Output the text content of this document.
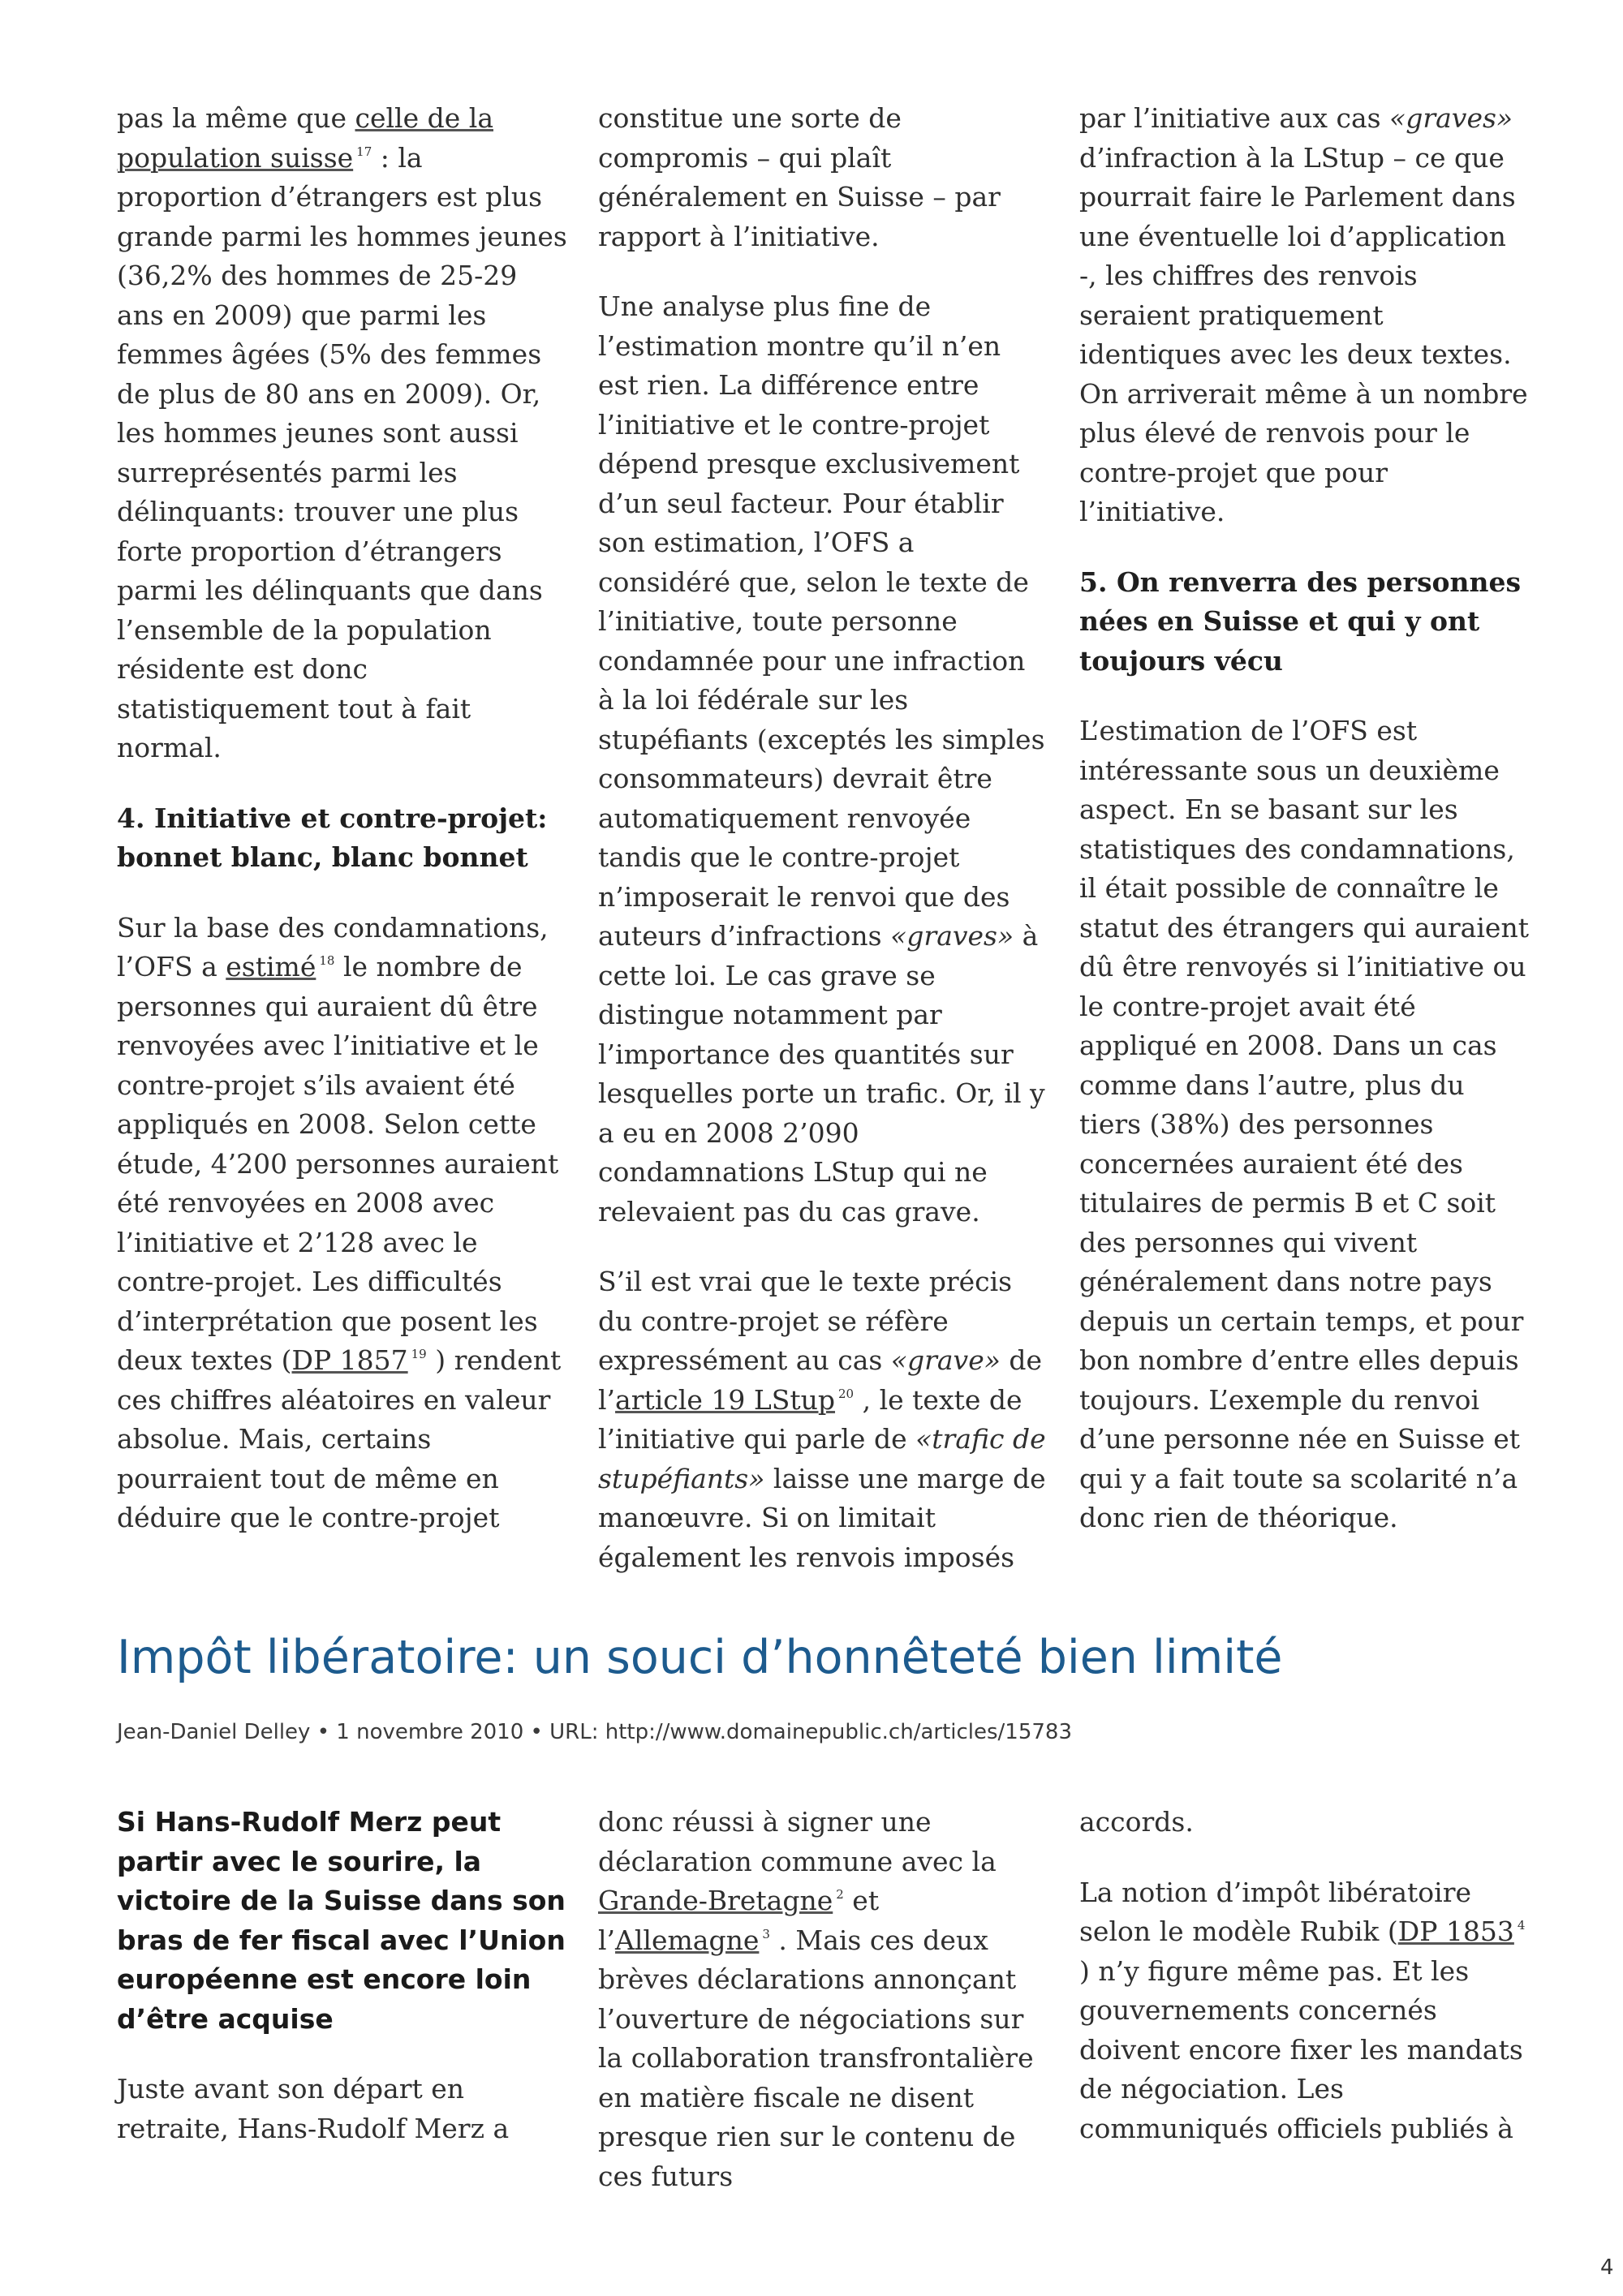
pas la même que celle de la population suisse $^{17}$ : la proportion d’étrangers est plus grande parmi les hommes jeunes (36,2% des hommes de 25-29 ans en 2009) que parmi les femmes âgées (5% des femmes de plus de 80 ans en 2009). Or, les hommes jeunes sont aussi surreprésentés parmi les délinquants: trouver une plus forte proportion d’étrangers parmi les délinquants que dans l’ensemble de la population résidente est donc statistiquement tout à fait normal.

4. Initiative et contre-projet: bonnet blanc, blanc bonnet

Sur la base des condamnations, l’OFS a estimé $^{18}$ le nombre de personnes qui auraient dû être renvoyées avec l’initiative et le contre-projet s’ils avaient été appliqués en 2008. Selon cette étude, 4’200 personnes auraient été renvoyées en 2008 avec l’initiative et 2’128 avec le contre-projet. Les difficultés d’interprétation que posent les deux textes (DP 1857 $^{19}$ ) rendent ces chiffres aléatoires en valeur absolue. Mais, certains pourraient tout de même en déduire que le contre-projet

constitue une sorte de compromis – qui plaît généralement en Suisse – par rapport à l’initiative.

Une analyse plus fine de l’estimation montre qu’il n’en est rien. La différence entre l’initiative et le contre-projet dépend presque exclusivement d’un seul facteur. Pour établir son estimation, l’OFS a considéré que, selon le texte de l’initiative, toute personne condamnée pour une infraction à la loi fédérale sur les stupéfiants (exceptés les simples consommateurs) devrait être automatiquement renvoyée tandis que le contre-projet n’imposerait le renvoi que des auteurs d’infractions «graves» à cette loi. Le cas grave se distingue notamment par l’importance des quantités sur lesquelles porte un trafic. Or, il y a eu en 2008 2’090 condamnations LStup qui ne relevaient pas du cas grave.

S’il est vrai que le texte précis du contre-projet se réfère expressément au cas «grave» de l’article 19 LStup $^{20}$ , le texte de l’initiative qui parle de «trafic de stupéfiants» laisse une marge de manœuvre. Si on limitait également les renvois imposés

par l’initiative aux cas «graves» d’infraction à la LStup – ce que pourrait faire le Parlement dans une éventuelle loi d’application -, les chiffres des renvois seraient pratiquement identiques avec les deux textes. On arriverait même à un nombre plus élevé de renvois pour le contre-projet que pour l’initiative.

5. On renverra des personnes nées en Suisse et qui y ont toujours vécu

L’estimation de l’OFS est intéressante sous un deuxième aspect. En se basant sur les statistiques des condamnations, il était possible de connaître le statut des étrangers qui auraient dû être renvoyés si l’initiative ou le contre-projet avait été appliqué en 2008. Dans un cas comme dans l’autre, plus du tiers (38%) des personnes concernées auraient été des titulaires de permis B et C soit des personnes qui vivent généralement dans notre pays depuis un certain temps, et pour bon nombre d’entre elles depuis toujours. L’exemple du renvoi d’une personne née en Suisse et qui y a fait toute sa scolarité n’a donc rien de théorique.

Impôt libératoire: un souci d’honnêteté bien limité
Jean-Daniel Delley • 1 novembre 2010 • URL: http://www.domainepublic.ch/articles/15783
Si Hans-Rudolf Merz peut partir avec le sourire, la victoire de la Suisse dans son bras de fer fiscal avec l’Union européenne est encore loin d’être acquise

Juste avant son départ en retraite, Hans-Rudolf Merz a

donc réussi à signer une déclaration commune avec la Grande-Bretagne $^2$ et l’Allemagne $^3$ . Mais ces deux brèves déclarations annonçant l’ouverture de négociations sur la collaboration transfrontalière en matière fiscale ne disent presque rien sur le contenu de ces futurs

accords.

La notion d’impôt libératoire selon le modèle Rubik (DP 1853 $^4$ ) n’y figure même pas. Et les gouvernements concernés doivent encore fixer les mandats de négociation. Les communiqués officiels publiés à

4
